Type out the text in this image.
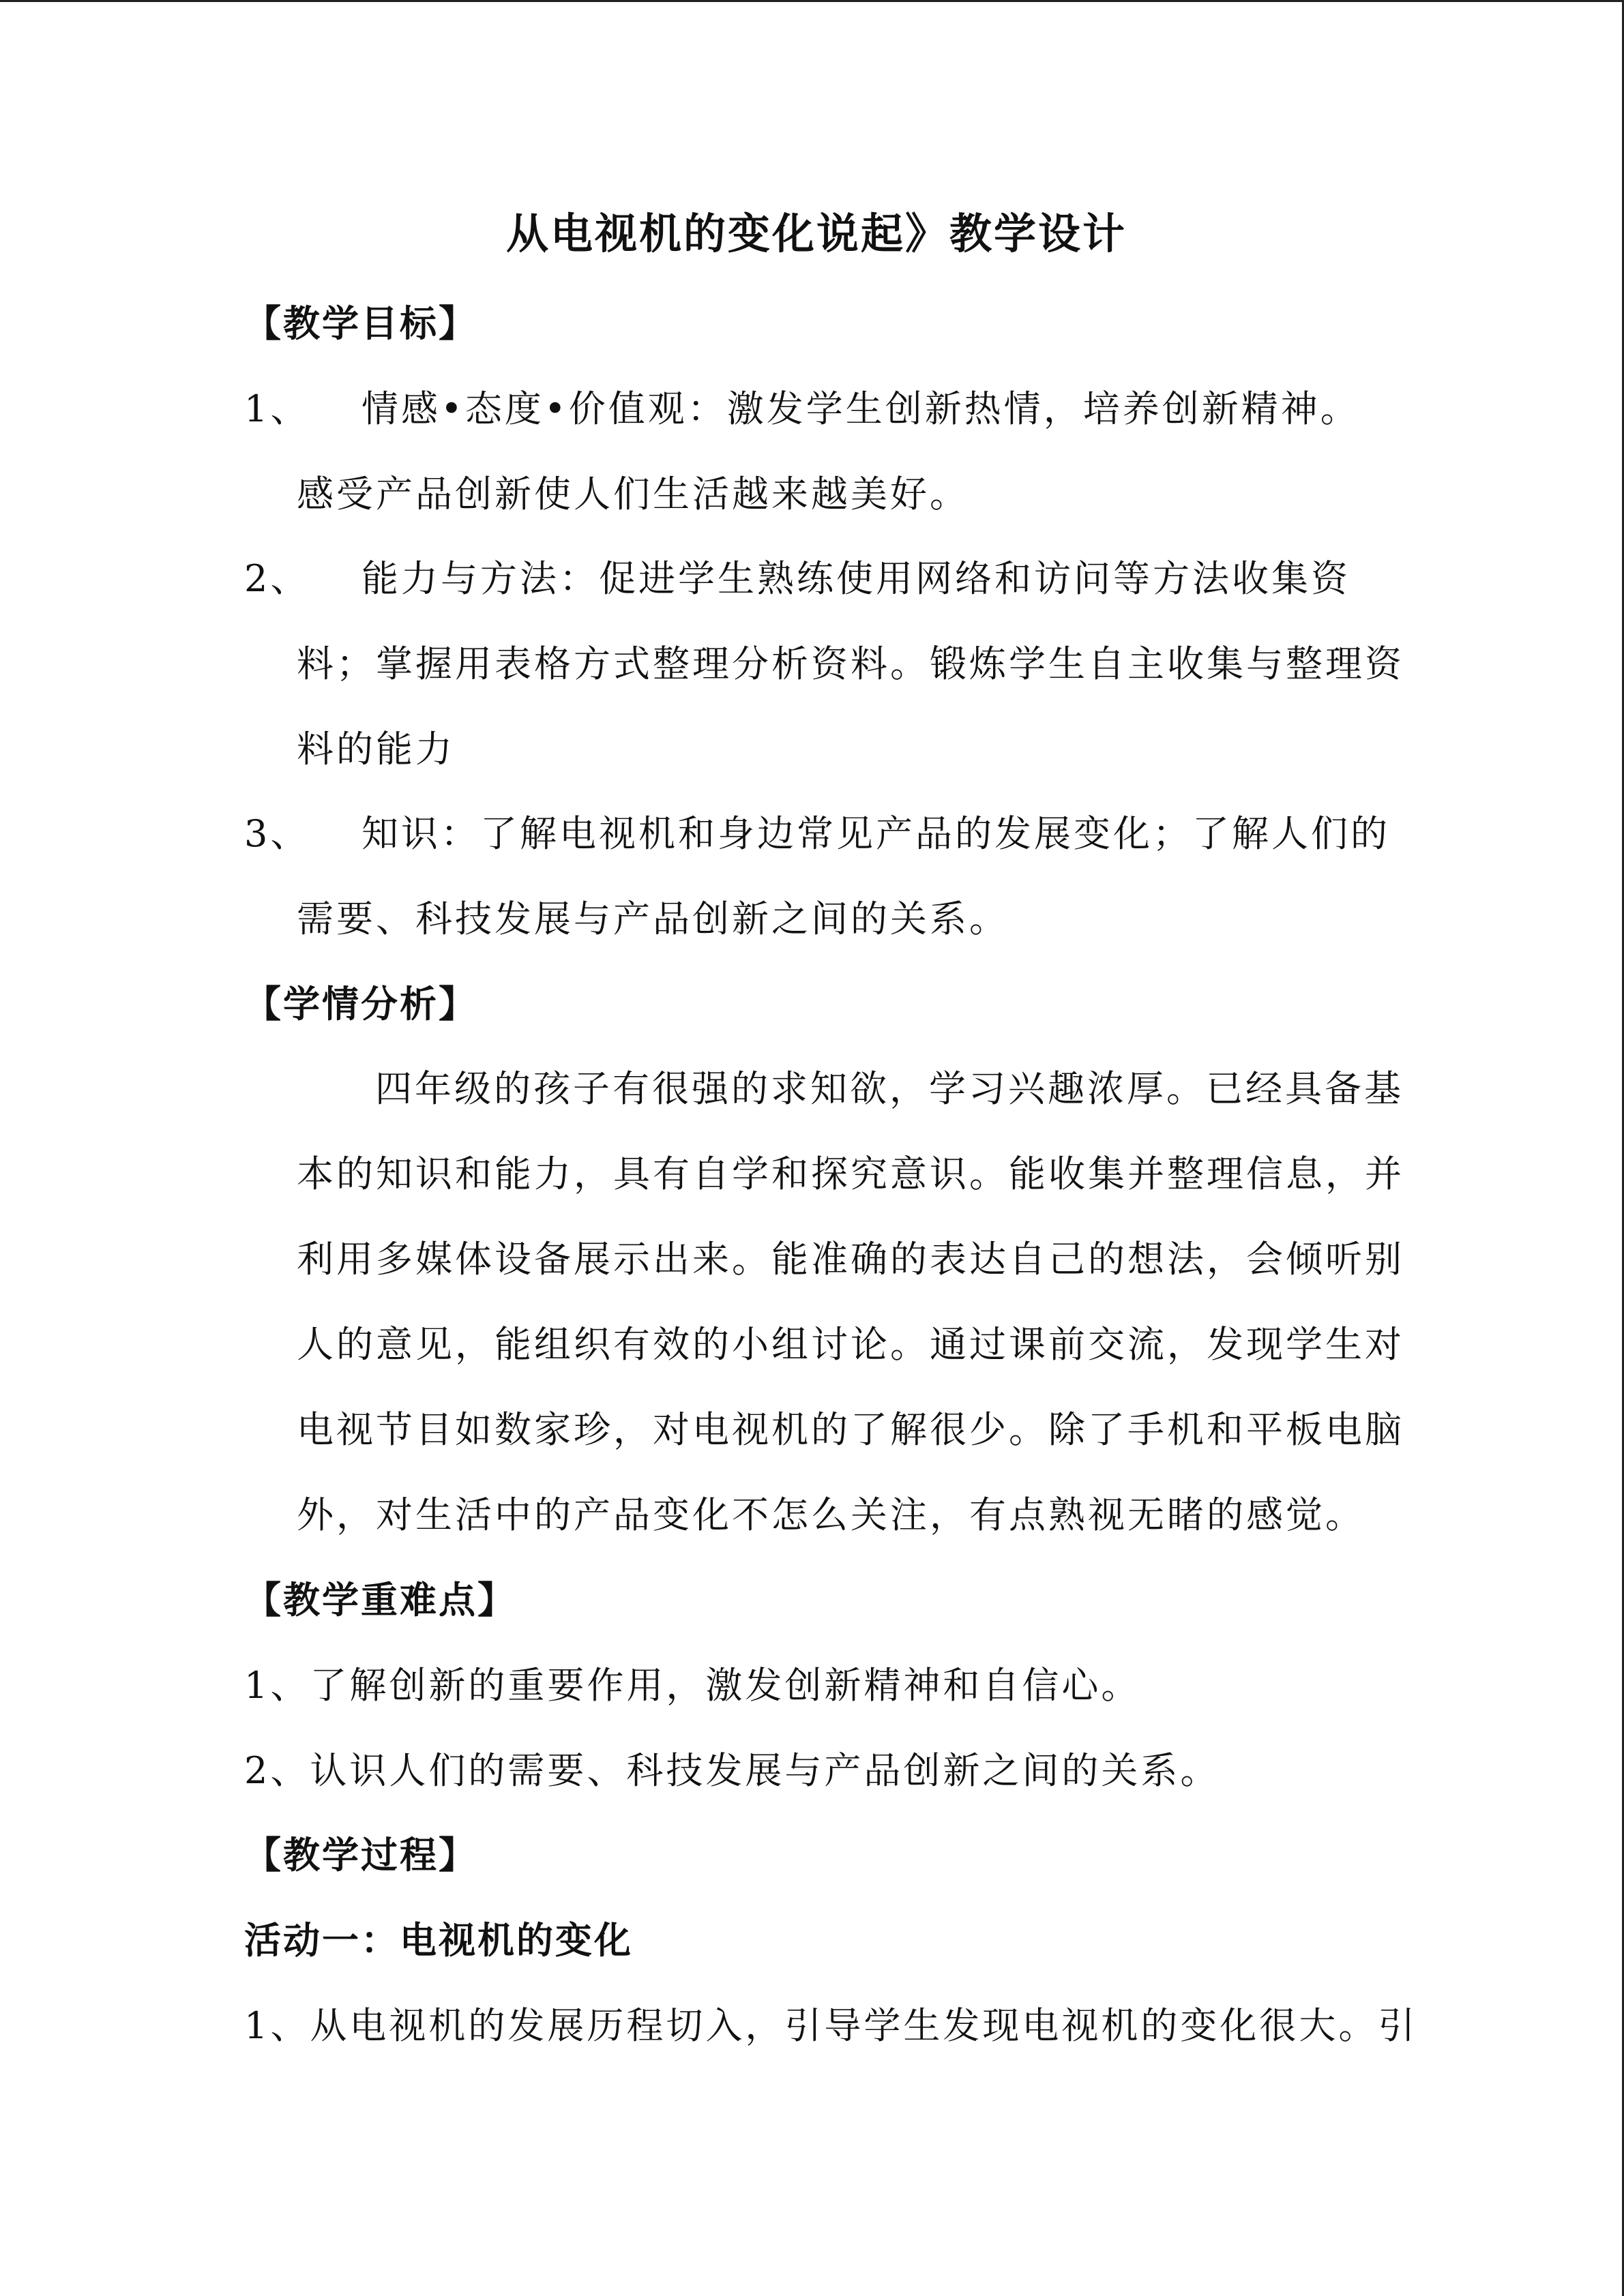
从电视机的变化说起》教学设计
【教学目标】
1、 情感•态度•价值观：激发学生创新热情，培养创新精神。
感受产品创新使人们生活越来越美好。
2、 能力与方法：促进学生熟练使用网络和访问等方法收集资
料；掌握用表格方式整理分析资料。锻炼学生自主收集与整理资
料的能力
3、 知识：了解电视机和身边常见产品的发展变化；了解人们的
需要、科技发展与产品创新之间的关系。
【学情分析】
四年级的孩子有很强的求知欲，学习兴趣浓厚。已经具备基
本的知识和能力，具有自学和探究意识。能收集并整理信息，并
利用多媒体设备展示出来。能准确的表达自己的想法，会倾听别
人的意见，能组织有效的小组讨论。通过课前交流，发现学生对
电视节目如数家珍，对电视机的了解很少。除了手机和平板电脑
外，对生活中的产品变化不怎么关注，有点熟视无睹的感觉。
【教学重难点】
1、了解创新的重要作用，激发创新精神和自信心。
2、认识人们的需要、科技发展与产品创新之间的关系。
【教学过程】
活动一：电视机的变化
1、从电视机的发展历程切入，引导学生发现电视机的变化很大。引
